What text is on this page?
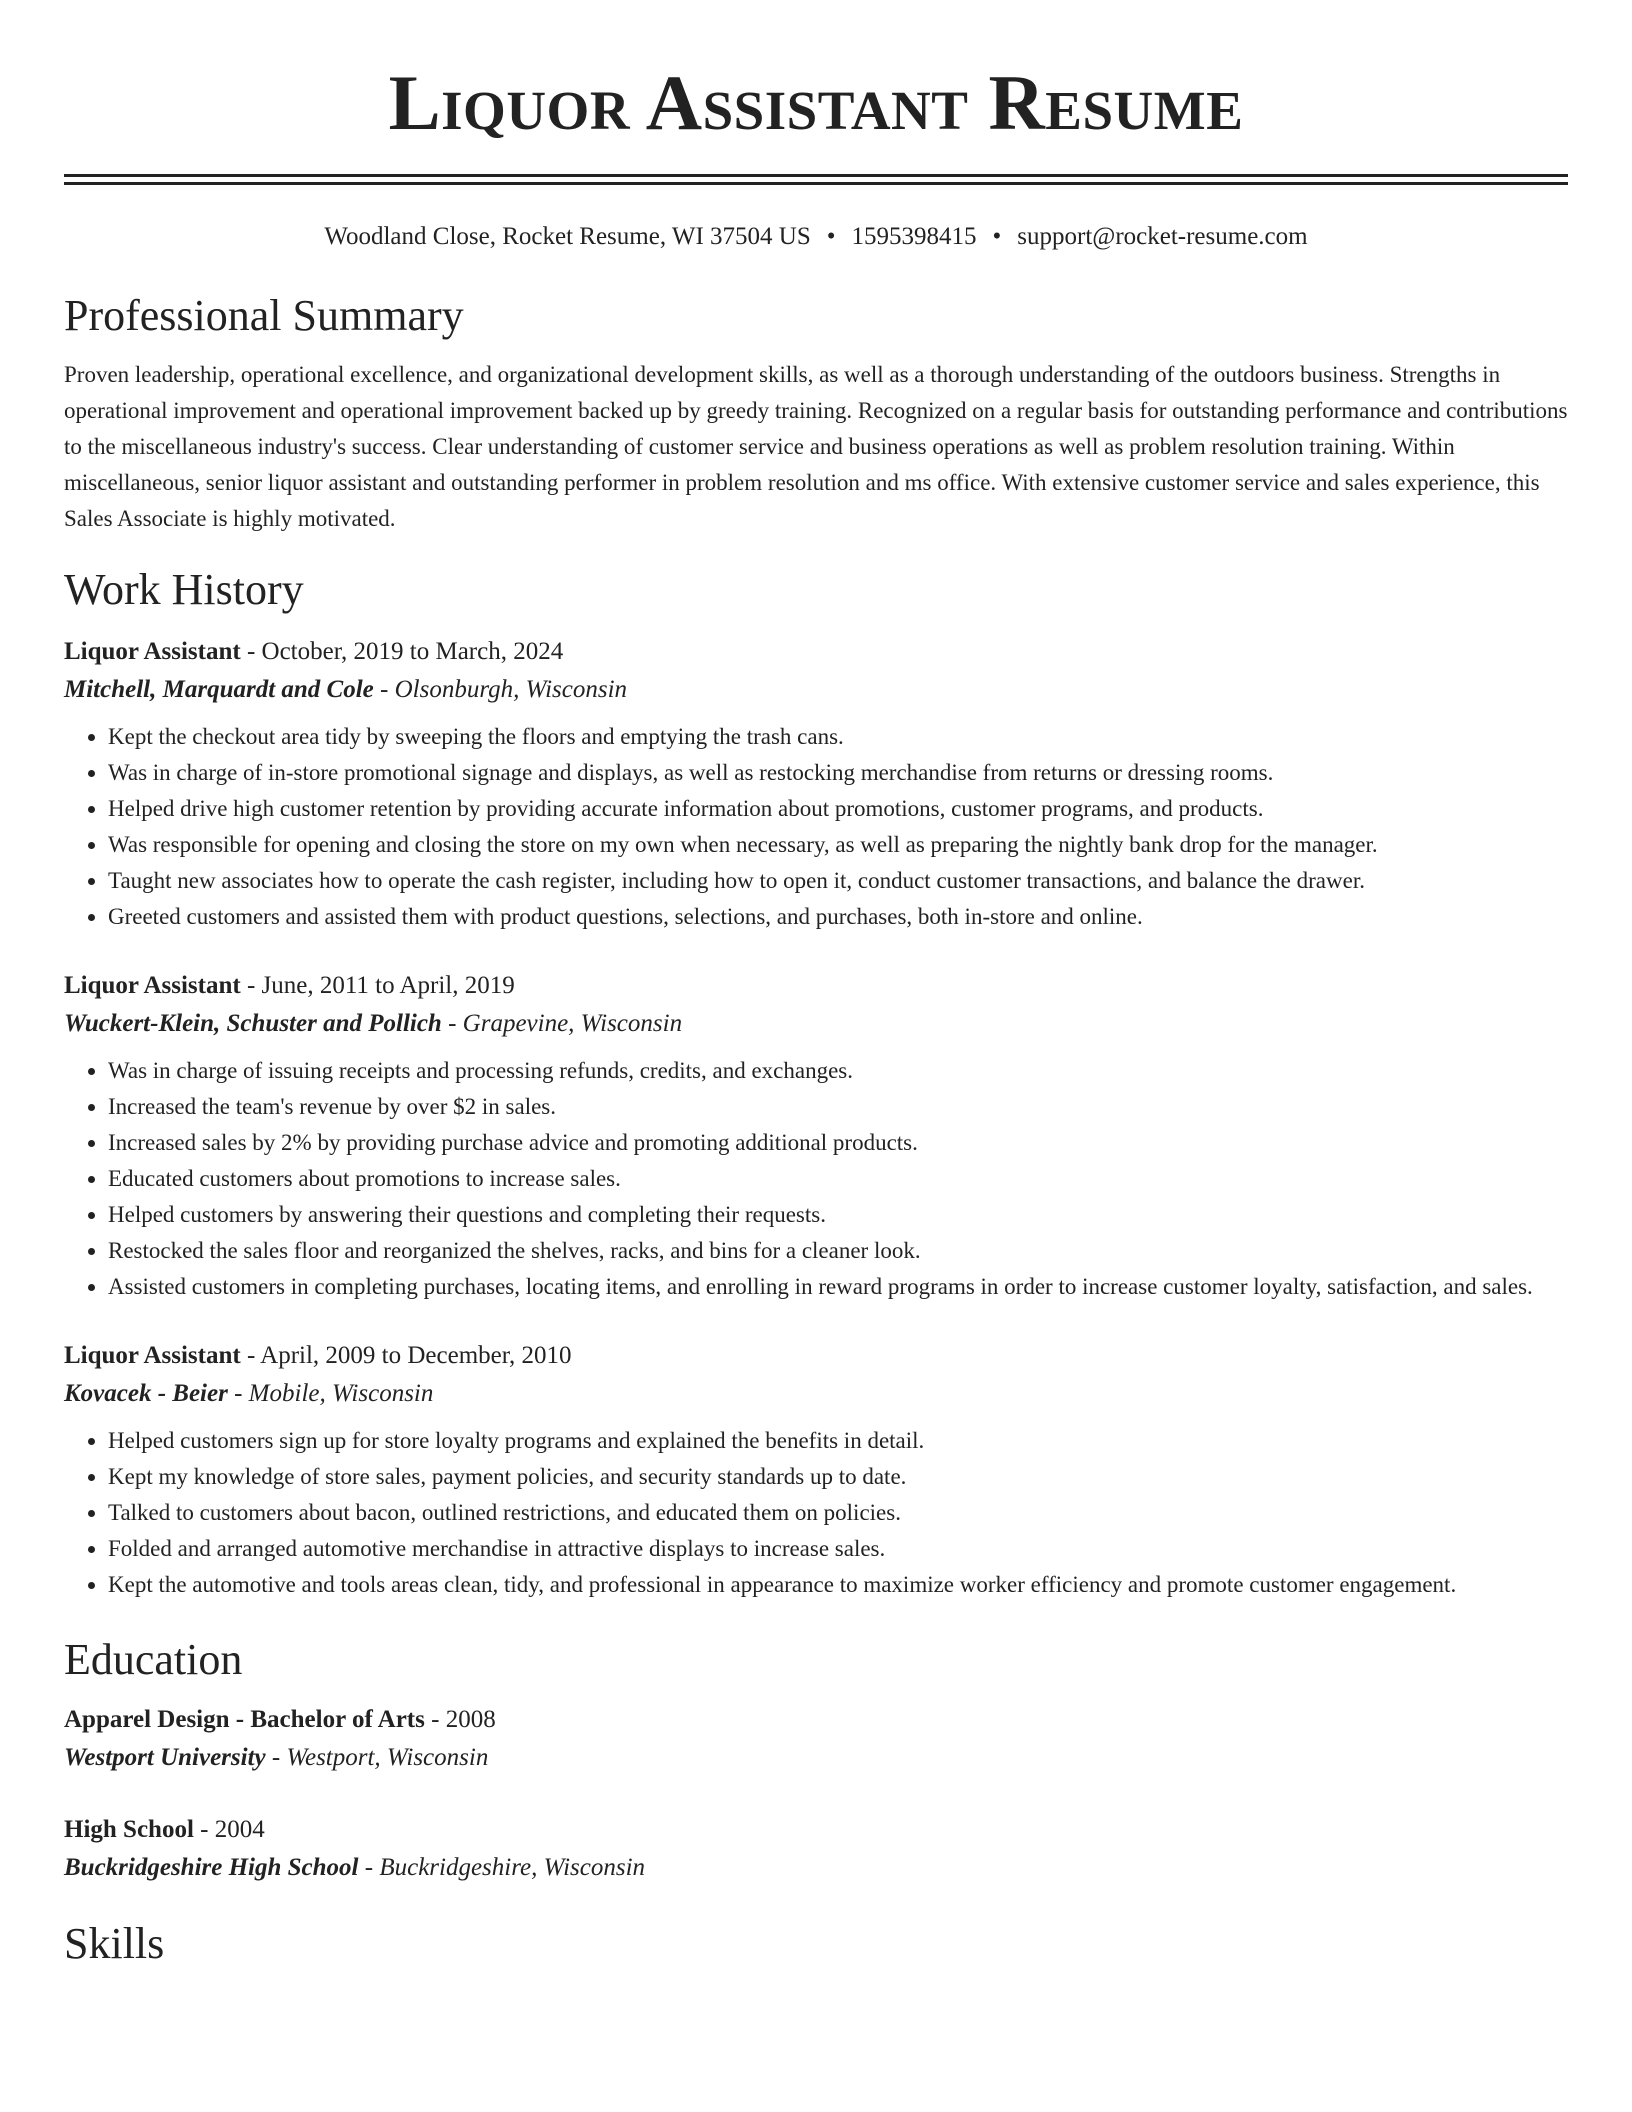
Liquor Assistant Resume
Woodland Close, Rocket Resume, WI 37504 US • 1595398415 • support@rocket-resume.com
Professional Summary

Proven leadership, operational excellence, and organizational development skills, as well as a thorough understanding of the outdoors business. Strengths in operational improvement and operational improvement backed up by greedy training. Recognized on a regular basis for outstanding performance and contributions to the miscellaneous industry's success. Clear understanding of customer service and business operations as well as problem resolution training. Within miscellaneous, senior liquor assistant and outstanding performer in problem resolution and ms office. With extensive customer service and sales experience, this Sales Associate is highly motivated.

Work History
Liquor Assistant - October, 2019 to March, 2024
Mitchell, Marquardt and Cole - Olsonburgh, Wisconsin
• Kept the checkout area tidy by sweeping the floors and emptying the trash cans.
• Was in charge of in-store promotional signage and displays, as well as restocking merchandise from returns or dressing rooms.
• Helped drive high customer retention by providing accurate information about promotions, customer programs, and products.
• Was responsible for opening and closing the store on my own when necessary, as well as preparing the nightly bank drop for the manager.
• Taught new associates how to operate the cash register, including how to open it, conduct customer transactions, and balance the drawer.
• Greeted customers and assisted them with product questions, selections, and purchases, both in-store and online.
Liquor Assistant - June, 2011 to April, 2019
Wuckert-Klein, Schuster and Pollich - Grapevine, Wisconsin
• Was in charge of issuing receipts and processing refunds, credits, and exchanges.
• Increased the team's revenue by over $2 in sales.
• Increased sales by 2% by providing purchase advice and promoting additional products.
• Educated customers about promotions to increase sales.
• Helped customers by answering their questions and completing their requests.
• Restocked the sales floor and reorganized the shelves, racks, and bins for a cleaner look.
• Assisted customers in completing purchases, locating items, and enrolling in reward programs in order to increase customer loyalty, satisfaction, and sales.
Liquor Assistant - April, 2009 to December, 2010
Kovacek - Beier - Mobile, Wisconsin
• Helped customers sign up for store loyalty programs and explained the benefits in detail.
• Kept my knowledge of store sales, payment policies, and security standards up to date.
• Talked to customers about bacon, outlined restrictions, and educated them on policies.
• Folded and arranged automotive merchandise in attractive displays to increase sales.
• Kept the automotive and tools areas clean, tidy, and professional in appearance to maximize worker efficiency and promote customer engagement.
Education
Apparel Design - Bachelor of Arts - 2008
Westport University - Westport, Wisconsin
High School - 2004
Buckridgeshire High School - Buckridgeshire, Wisconsin
Skills
